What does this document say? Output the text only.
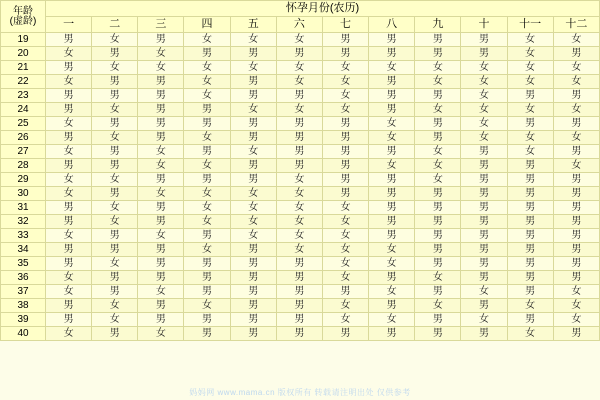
年龄
(虚龄)	怀孕月份(农历)											
	一	二	三	四	五	六	七	八	九	十	十一	十二
19	男	女	男	女	女	女	男	男	男	男	女	女
20	女	男	女	男	男	男	男	男	男	男	女	男
21	男	女	女	女	女	女	女	女	女	女	女	女
22	女	男	男	女	男	女	女	男	女	女	女	女
23	男	男	男	女	男	男	女	男	男	女	男	男
24	男	女	男	男	女	女	女	男	女	女	女	女
25	女	男	男	男	男	男	男	女	男	女	男	男
26	男	女	男	女	男	男	男	女	男	女	女	女
27	女	男	女	男	女	男	男	男	女	男	女	男
28	男	男	女	女	男	男	男	女	女	男	男	女
29	女	女	男	男	男	女	男	男	女	男	男	男
30	女	男	女	女	女	女	男	男	男	男	男	男
31	男	女	男	女	女	女	女	男	男	男	男	男
32	男	女	男	女	女	女	女	男	男	男	男	男
33	女	男	女	男	女	女	女	男	男	男	男	男
34	男	男	男	女	男	女	女	女	男	男	男	男
35	男	女	男	男	男	男	女	女	男	男	男	男
36	女	男	男	男	男	男	女	男	女	男	男	男
37	女	男	女	男	男	男	男	女	男	女	男	女
38	男	女	男	女	男	男	女	男	女	男	女	女
39	男	女	男	男	男	男	女	女	男	女	男	女
40	女	男	女	男	男	男	男	男	男	男	女	男
妈妈网 www.mama.cn 版权所有 转载请注明出处 仅供参考
